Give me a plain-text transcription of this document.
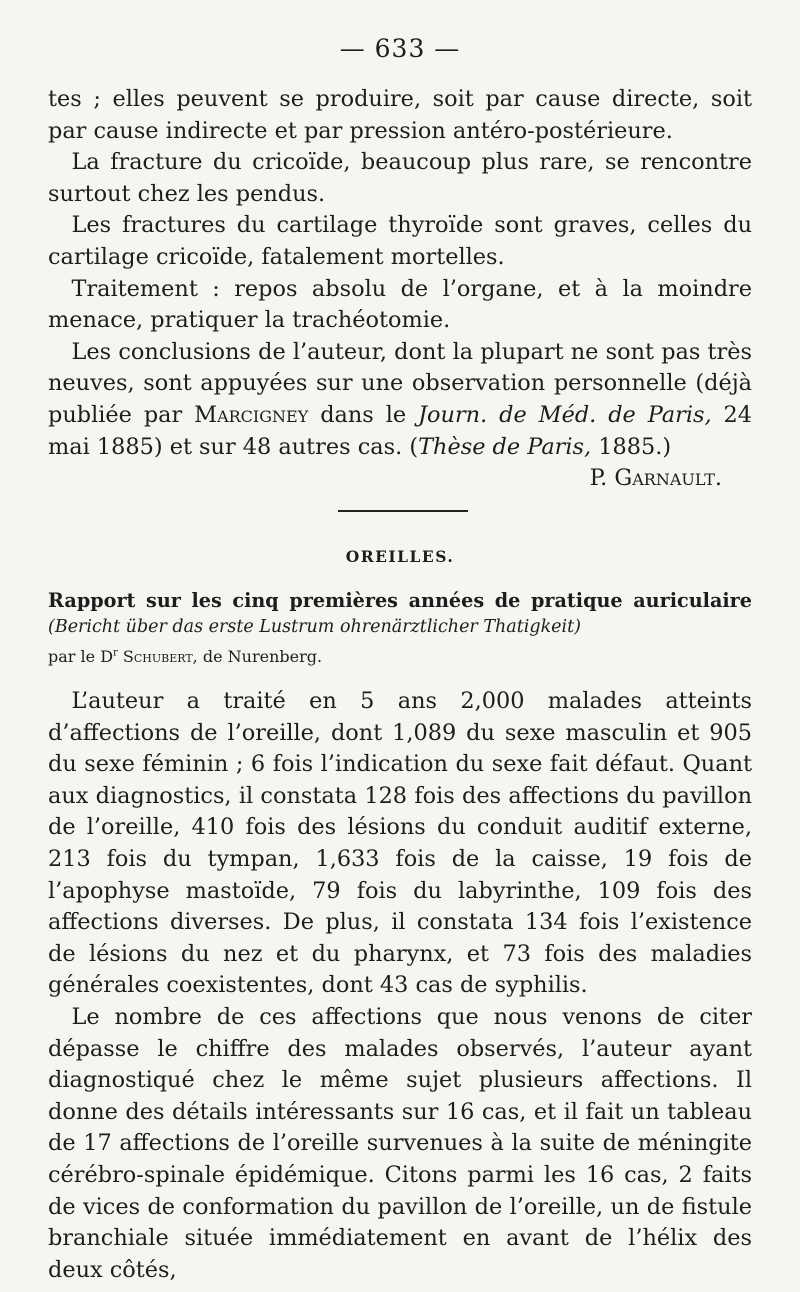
— 633 —

tes ; elles peuvent se produire, soit par cause directe, soit par cause indirecte et par pression antéro-postérieure.

La fracture du cricoïde, beaucoup plus rare, se rencontre surtout chez les pendus.

Les fractures du cartilage thyroïde sont graves, celles du cartilage cricoïde, fatalement mortelles.

Traitement : repos absolu de l’organe, et à la moindre menace, pratiquer la trachéotomie.

Les conclusions de l’auteur, dont la plupart ne sont pas très neuves, sont appuyées sur une observation personnelle (déjà publiée par Marcigney dans le Journ. de Méd. de Paris, 24 mai 1885) et sur 48 autres cas. (Thèse de Paris, 1885.)

P. Garnault.
OREILLES.
Rapport sur les cinq premières années de pratique auriculaire (Bericht über das erste Lustrum ohrenärztlicher Thatigkeit)
par le $D^r$ Schubert, de Nurenberg.

L’auteur a traité en 5 ans 2,000 malades atteints d’affections de l’oreille, dont 1,089 du sexe masculin et 905 du sexe féminin ; 6 fois l’indication du sexe fait défaut. Quant aux diagnostics, il constata 128 fois des affections du pavillon de l’oreille, 410 fois des lésions du conduit auditif externe, 213 fois du tympan, 1,633 fois de la caisse, 19 fois de l’apophyse mastoïde, 79 fois du labyrinthe, 109 fois des affections diverses. De plus, il constata 134 fois l’existence de lésions du nez et du pharynx, et 73 fois des maladies générales coexistentes, dont 43 cas de syphilis.

Le nombre de ces affections que nous venons de citer dépasse le chiffre des malades observés, l’auteur ayant diagnostiqué chez le même sujet plusieurs affections. Il donne des détails intéressants sur 16 cas, et il fait un tableau de 17 affections de l’oreille survenues à la suite de méningite cérébro-spinale épidémique. Citons parmi les 16 cas, 2 faits de vices de conformation du pavillon de l’oreille, un de fistule branchiale située immédiatement en avant de l’hélix des deux côtés,
